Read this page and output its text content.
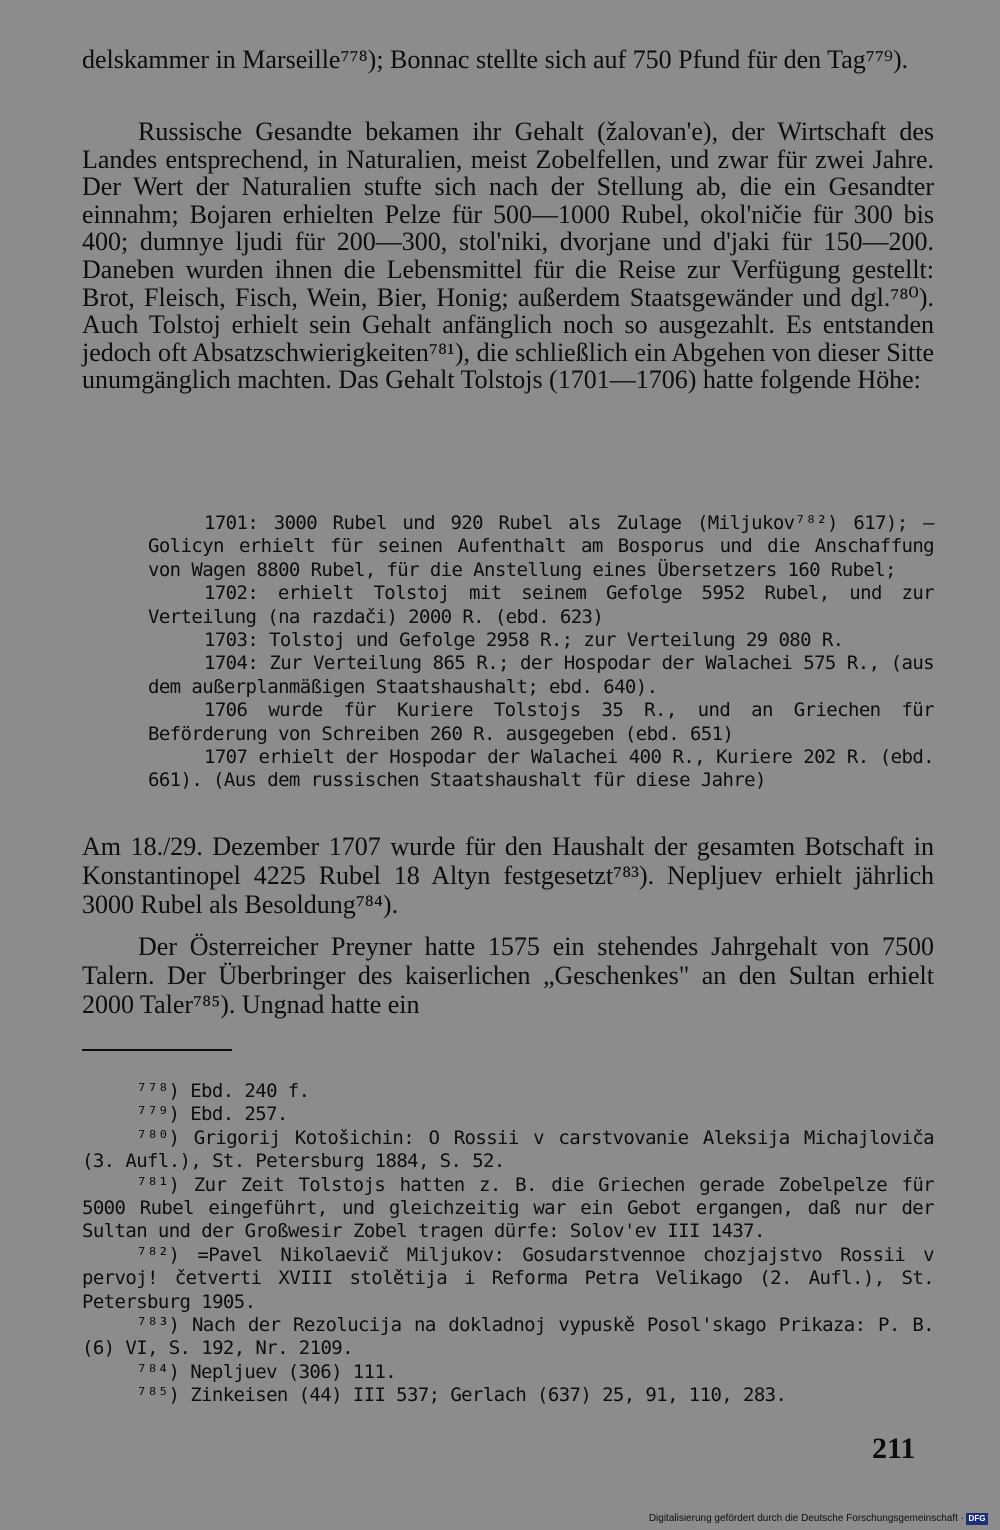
delskammer in Marseille⁷⁷⁸); Bonnac stellte sich auf 750 Pfund für den Tag⁷⁷⁹).

Russische Gesandte bekamen ihr Gehalt (žalovan'e), der Wirtschaft des Landes entsprechend, in Naturalien, meist Zobelfellen, und zwar für zwei Jahre. Der Wert der Naturalien stufte sich nach der Stellung ab, die ein Gesandter einnahm; Bojaren erhielten Pelze für 500—1000 Rubel, okol'ničie für 300 bis 400; dumnye ljudi für 200—300, stol'niki, dvorjane und d'jaki für 150—200. Daneben wurden ihnen die Lebensmittel für die Reise zur Verfügung gestellt: Brot, Fleisch, Fisch, Wein, Bier, Honig; außerdem Staatsgewänder und dgl.⁷⁸⁰). Auch Tolstoj erhielt sein Gehalt anfänglich noch so ausgezahlt. Es entstanden jedoch oft Absatzschwierigkeiten⁷⁸¹), die schließlich ein Abgehen von dieser Sitte unumgänglich machten. Das Gehalt Tolstojs (1701—1706) hatte folgende Höhe:

1701: 3000 Rubel und 920 Rubel als Zulage (Miljukov⁷⁸²) 617); — Golicyn erhielt für seinen Aufenthalt am Bosporus und die Anschaffung von Wagen 8800 Rubel, für die Anstellung eines Übersetzers 160 Rubel;

1702: erhielt Tolstoj mit seinem Gefolge 5952 Rubel, und zur Verteilung (na razdači) 2000 R. (ebd. 623)

1703: Tolstoj und Gefolge 2958 R.; zur Verteilung 29 080 R.

1704: Zur Verteilung 865 R.; der Hospodar der Walachei 575 R., (aus dem außerplanmäßigen Staatshaushalt; ebd. 640).

1706 wurde für Kuriere Tolstojs 35 R., und an Griechen für Beförderung von Schreiben 260 R. ausgegeben (ebd. 651)

1707 erhielt der Hospodar der Walachei 400 R., Kuriere 202 R. (ebd. 661). (Aus dem russischen Staatshaushalt für diese Jahre)

Am 18./29. Dezember 1707 wurde für den Haushalt der gesamten Botschaft in Konstantinopel 4225 Rubel 18 Altyn festgesetzt⁷⁸³). Nepljuev erhielt jährlich 3000 Rubel als Besoldung⁷⁸⁴).

Der Österreicher Preyner hatte 1575 ein stehendes Jahrgehalt von 7500 Talern. Der Überbringer des kaiserlichen „Geschenkes" an den Sultan erhielt 2000 Taler⁷⁸⁵). Ungnad hatte ein

⁷⁷⁸) Ebd. 240 f.

⁷⁷⁹) Ebd. 257.

⁷⁸⁰) Grigorij Kotošichin: O Rossii v carstvovanie Aleksija Michajloviča (3. Aufl.), St. Petersburg 1884, S. 52.

⁷⁸¹) Zur Zeit Tolstojs hatten z. B. die Griechen gerade Zobelpelze für 5000 Rubel eingeführt, und gleichzeitig war ein Gebot ergangen, daß nur der Sultan und der Großwesir Zobel tragen dürfe: Solov'ev III 1437.

⁷⁸²) =Pavel Nikolaevič Miljukov: Gosudarstvennoe chozjajstvo Rossii v pervoj! četverti XVIII stolětija i Reforma Petra Velikago (2. Aufl.), St. Petersburg 1905.

⁷⁸³) Nach der Rezolucija na dokladnoj vypuskě Posol'skago Prikaza: P. B. (6) VI, S. 192, Nr. 2109.

⁷⁸⁴) Nepljuev (306) 111.

⁷⁸⁵) Zinkeisen (44) III 537; Gerlach (637) 25, 91, 110, 283.

211
Digitalisierung gefördert durch die Deutsche Forschungsgemeinschaft · DFG
